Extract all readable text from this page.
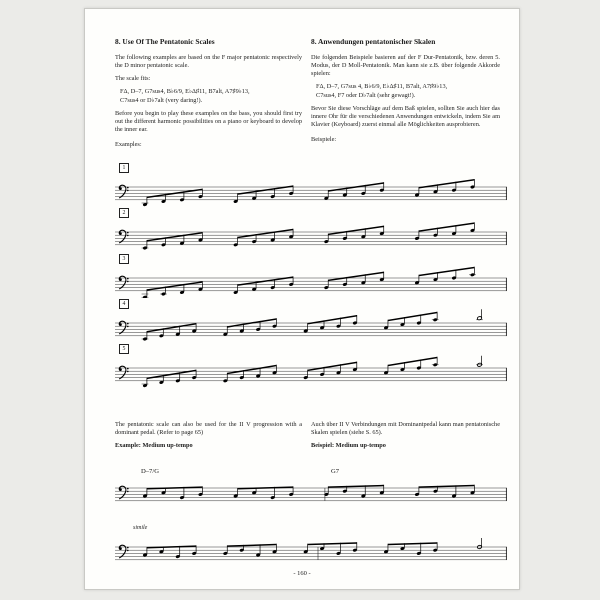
8. Use Of The Pentatonic Scales

The following examples are based on the F major pentatonic respectively the D minor pentatonic scale.

The scale fits:

FΔ, D–7, G7sus4, B♭6/9, E♭Δ♯11, B7alt, A7♯9♭13,
C7sus4 or D♭7alt (very daring!).

Before you begin to play these examples on the bass, you should first try out the different harmonic possibilities on a piano or keyboard to develop the inner ear.

Examples:
8. Anwendungen pentatonischer Skalen

Die folgenden Beispiele basieren auf der F Dur-Pentatonik, bzw. deren 5. Modus, der D Moll-Pentatonik. Man kann sie z.B. über folgende Akkorde spielen:

FΔ, D–7, G7sus 4, B♭6/9, E♭Δ♯11, B7alt, A7♯9♭13,
C7sus4, F7 oder D♭7alt (sehr gewagt!).

Bevor Sie diese Vorschläge auf dem Baß spielen, sollten Sie auch hier das innere Ohr für die verschiedenen Anwendungen entwickeln, indem Sie am Klavier (Keyboard) zuerst einmal alle Möglichkeiten ausprobieren.

Beispiele:
1
2
3
4
5

The pentatonic scale can also be used for the II V progression with a dominant pedal. (Refer to page 65)

Example: Medium up-tempo

Auch über II V Verbindungen mit Dominantpedal kann man pentatonische Skalen spielen (siehe S. 65).

Beispiel: Medium up-tempo
D–7/G	G7
simile
- 160 -
